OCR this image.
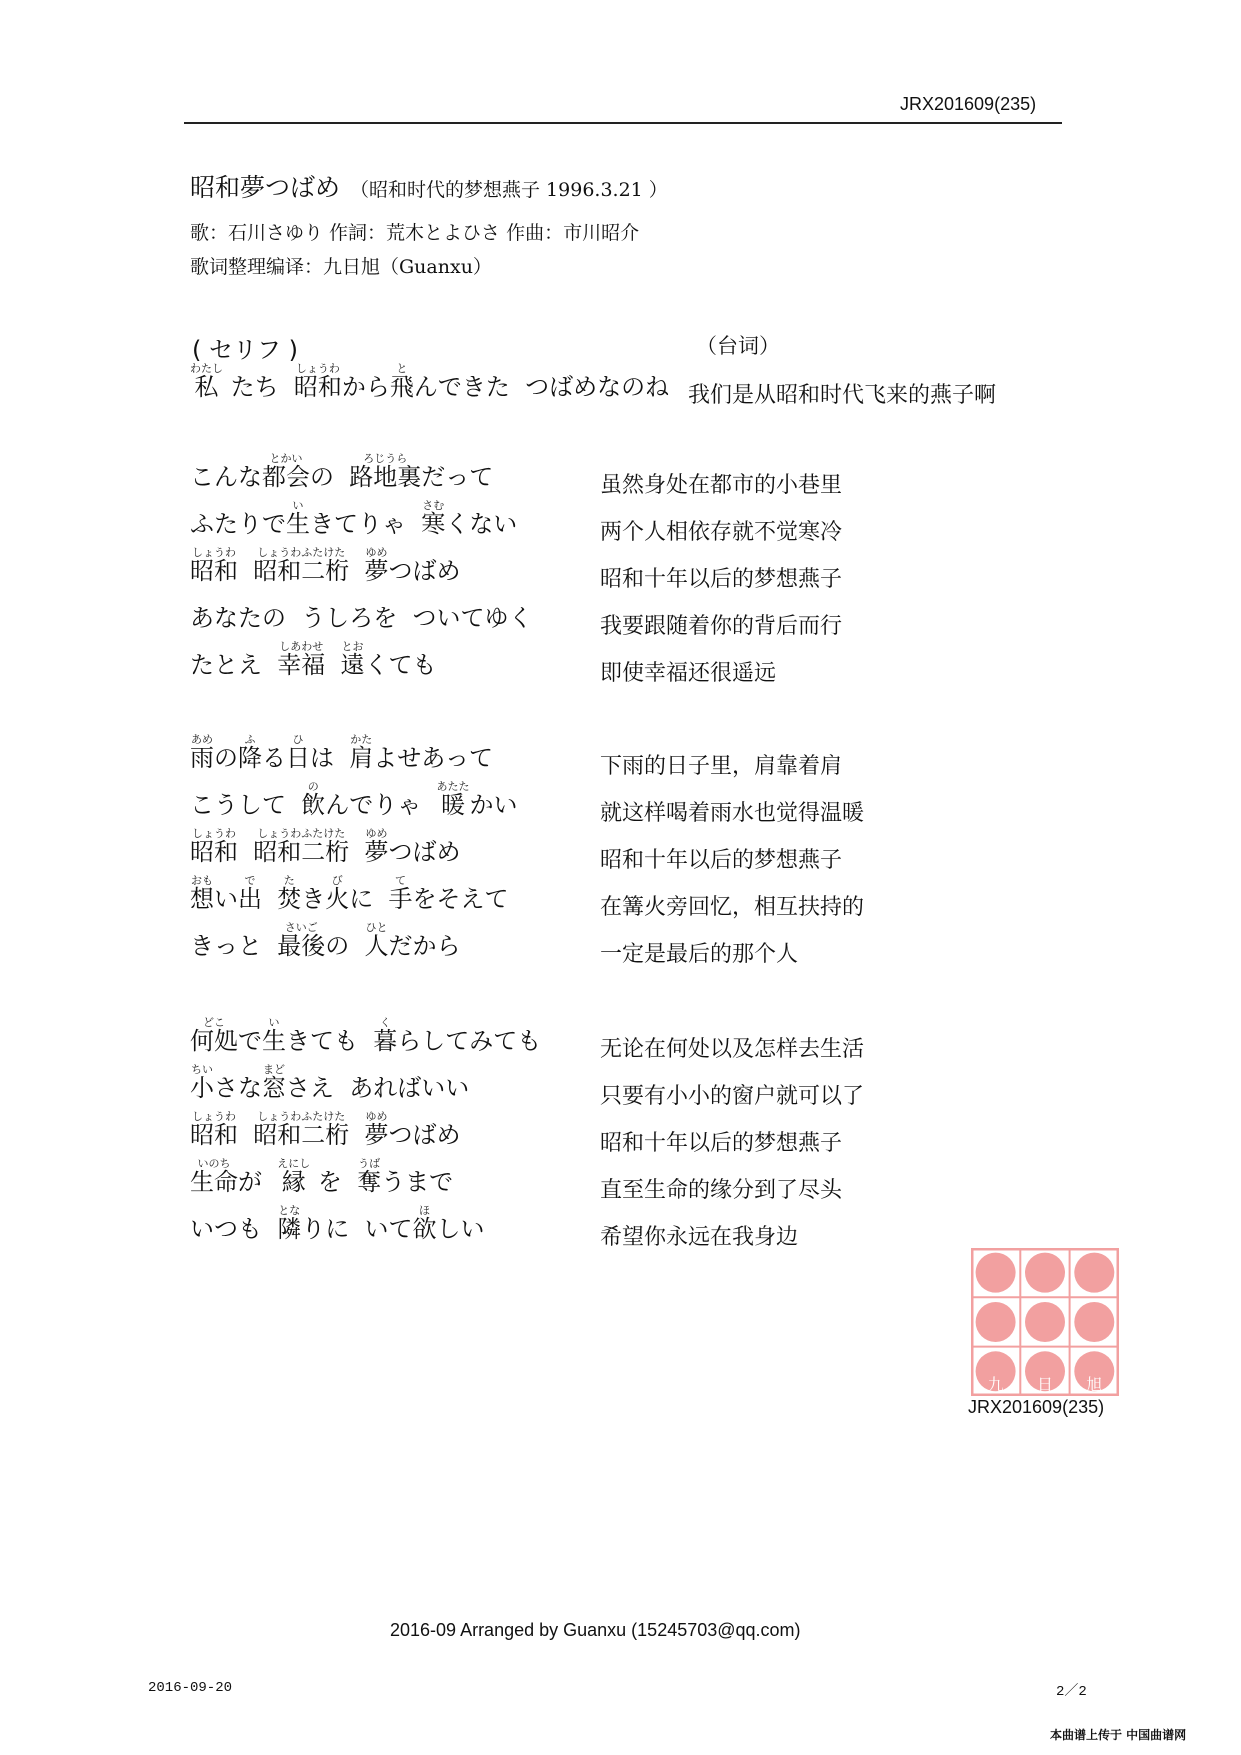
JRX201609(235)
昭和夢つばめ （昭和时代的梦想燕子 1996.3.21 ）
歌：石川さゆり 作詞：荒木とよひさ 作曲：市川昭介
歌词整理编译：九日旭（Guanxu）
( セリフ )	（台词）
わたし
私 たち
しょうわ
昭和 から
と
飛 んできた  つばめなのね 我们是从昭和时代飞来的燕子啊
こんな
とかい
都会 の
ろじうら
路地裏 だって	虽然身处在都市的小巷里
ふたりで
い
生 きてりゃ
さむ
寒 くない	两个人相依存就不觉寒冷
しょうわ
昭和

しょうわふたけた
昭和二桁

ゆめ
夢 つばめ	昭和十年以后的梦想燕子
あなたの  うしろを  ついてゆく	我要跟随着你的背后而行
たとえ
しあわせ
幸福

とお
遠 くても	即使幸福还很遥远
あめ
雨 の
ふ
降 る
ひ
日 は
かた
肩 よせあって	下雨的日子里，肩靠着肩
こうして
の
飲 んでりゃ
あたた
暖 かい	就这样喝着雨水也觉得温暖
しょうわ
昭和

しょうわふたけた
昭和二桁

ゆめ
夢 つばめ	昭和十年以后的梦想燕子
おも
想 い
で
出

た
焚 き
び
火 に
て
手 をそえて	在篝火旁回忆，相互扶持的
きっと
さいご
最後 の
ひと
人 だから	一定是最后的那个人
どこ
何処 で
い
生 きても
く
暮 らしてみても	无论在何处以及怎样去生活
ちい
小 さな
まど
窓 さえ  あればいい	只要有小小的窗户就可以了
しょうわ
昭和

しょうわふたけた
昭和二桁

ゆめ
夢 つばめ	昭和十年以后的梦想燕子
いのち
生命 が
えにし
縁 を
うば
奪 うまで	直至生命的缘分到了尽头
いつも
とな
隣 りに  いて
ほ
欲 しい	希望你永远在我身边
九 日 旭
JRX201609(235)
2016-09 Arranged by Guanxu (15245703@qq.com)
2016-09-20	2／2
本曲谱上传于 中国曲谱网
